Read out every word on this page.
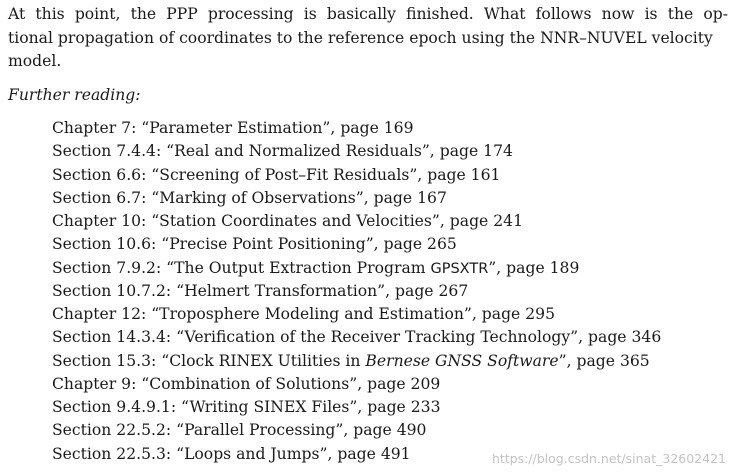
At this point, the PPP processing is basically finished. What follows now is the op-
tional propagation of coordinates to the reference epoch using the NNR–NUVEL velocity
model.

Further reading:

Chapter 7: “Parameter Estimation”, page 169
Section 7.4.4: “Real and Normalized Residuals”, page 174
Section 6.6: “Screening of Post–Fit Residuals”, page 161
Section 6.7: “Marking of Observations”, page 167
Chapter 10: “Station Coordinates and Velocities”, page 241
Section 10.6: “Precise Point Positioning”, page 265
Section 7.9.2: “The Output Extraction Program GPSXTR”, page 189
Section 10.7.2: “Helmert Transformation”, page 267
Chapter 12: “Troposphere Modeling and Estimation”, page 295
Section 14.3.4: “Verification of the Receiver Tracking Technology”, page 346
Section 15.3: “Clock RINEX Utilities in Bernese GNSS Software”, page 365
Chapter 9: “Combination of Solutions”, page 209
Section 9.4.9.1: “Writing SINEX Files”, page 233
Section 22.5.2: “Parallel Processing”, page 490
Section 22.5.3: “Loops and Jumps”, page 491	https://blog.csdn.net/sinat_32602421
